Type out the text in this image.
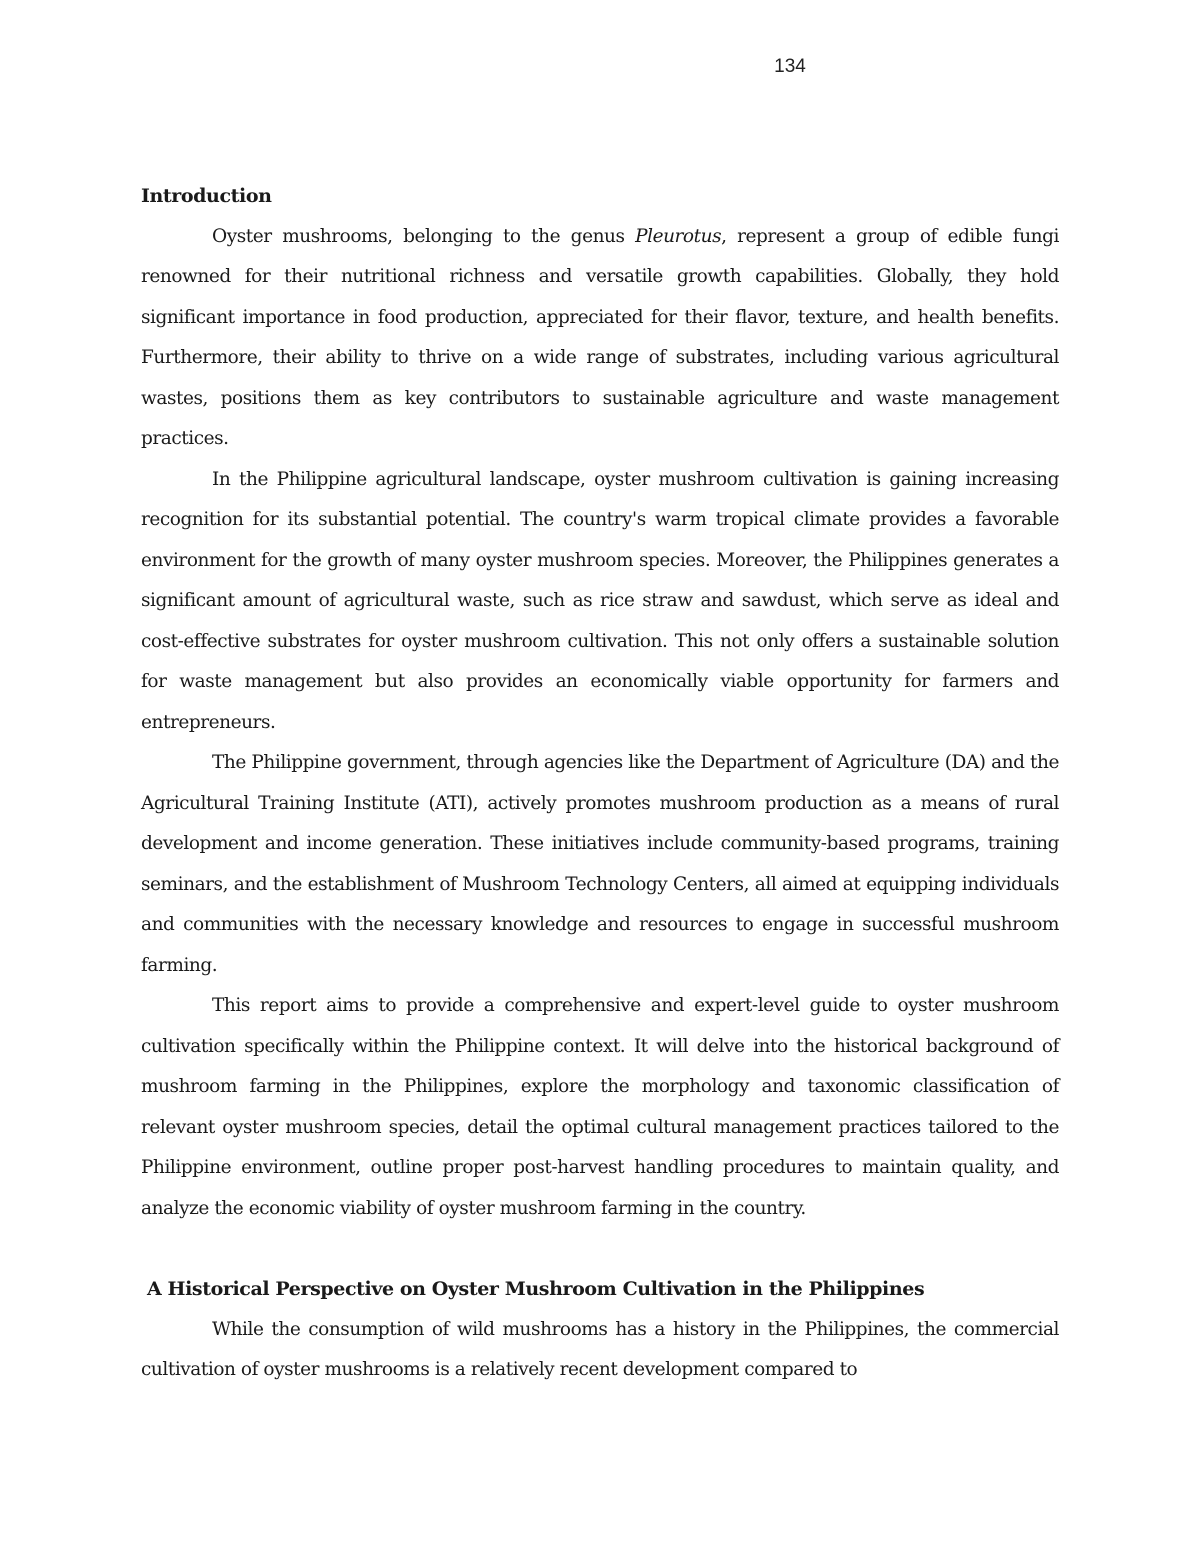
134
Introduction

Oyster mushrooms, belonging to the genus Pleurotus, represent a group of edible fungi renowned for their nutritional richness and versatile growth capabilities. Globally, they hold significant importance in food production, appreciated for their flavor, texture, and health benefits. Furthermore, their ability to thrive on a wide range of substrates, including various agricultural wastes, positions them as key contributors to sustainable agriculture and waste management practices.

In the Philippine agricultural landscape, oyster mushroom cultivation is gaining increasing recognition for its substantial potential. The country's warm tropical climate provides a favorable environment for the growth of many oyster mushroom species. Moreover, the Philippines generates a significant amount of agricultural waste, such as rice straw and sawdust, which serve as ideal and cost-effective substrates for oyster mushroom cultivation. This not only offers a sustainable solution for waste management but also provides an economically viable opportunity for farmers and entrepreneurs.

The Philippine government, through agencies like the Department of Agriculture (DA) and the Agricultural Training Institute (ATI), actively promotes mushroom production as a means of rural development and income generation. These initiatives include community-based programs, training seminars, and the establishment of Mushroom Technology Centers, all aimed at equipping individuals and communities with the necessary knowledge and resources to engage in successful mushroom farming.

This report aims to provide a comprehensive and expert-level guide to oyster mushroom cultivation specifically within the Philippine context. It will delve into the historical background of mushroom farming in the Philippines, explore the morphology and taxonomic classification of relevant oyster mushroom species, detail the optimal cultural management practices tailored to the Philippine environment, outline proper post-harvest handling procedures to maintain quality, and analyze the economic viability of oyster mushroom farming in the country.

A Historical Perspective on Oyster Mushroom Cultivation in the Philippines

While the consumption of wild mushrooms has a history in the Philippines, the commercial cultivation of oyster mushrooms is a relatively recent development compared to
